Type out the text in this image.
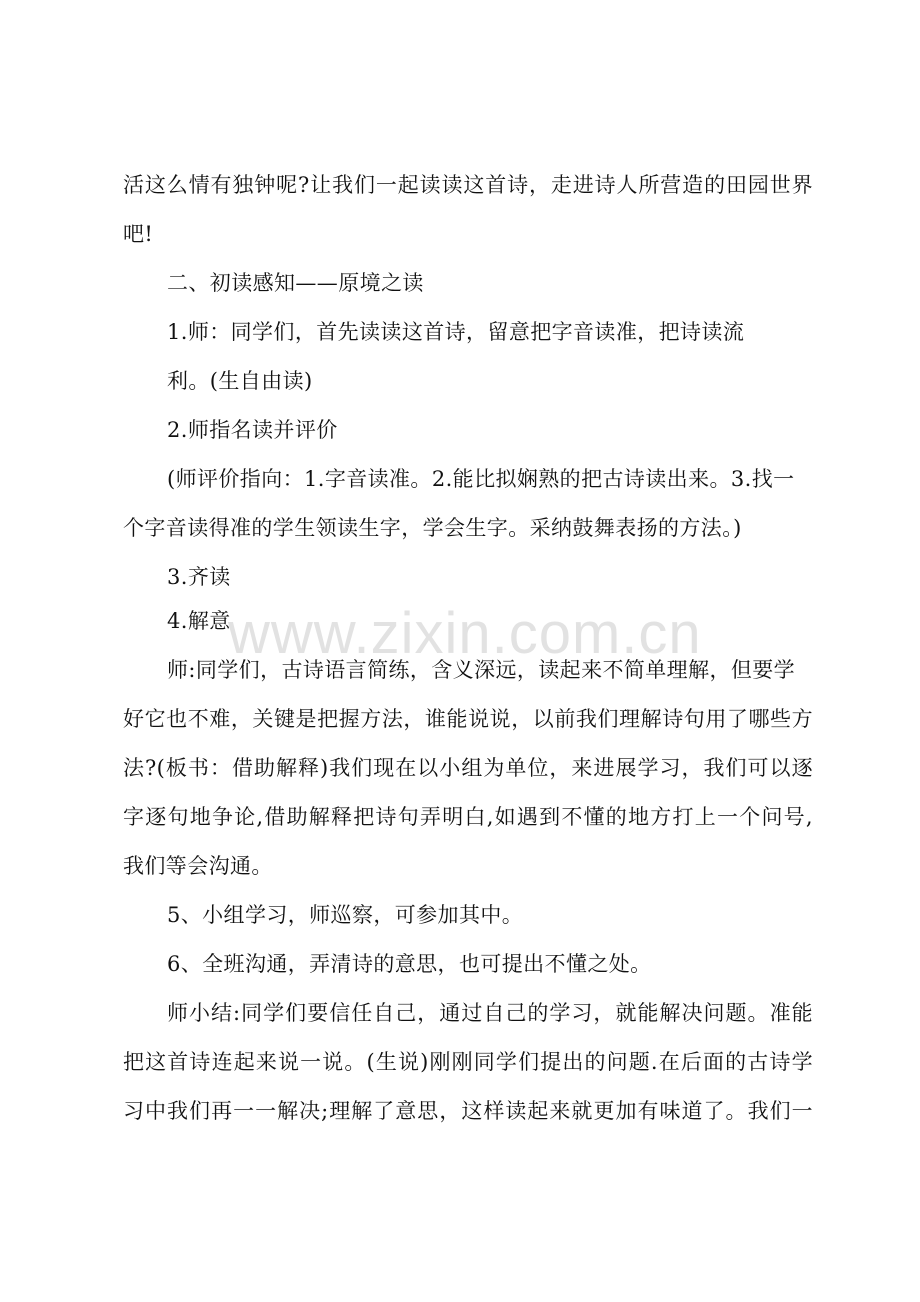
活这么情有独钟呢?让我们一起读读这首诗，走进诗人所营造的田园世界
吧!
二、初读感知——原境之读
1.师：同学们，首先读读这首诗，留意把字音读准，把诗读流
利。(生自由读)
2.师指名读并评价
(师评价指向：1.字音读准。2.能比拟娴熟的把古诗读出来。3.找一
个字音读得准的学生领读生字，学会生字。采纳鼓舞表扬的方法。)
3.齐读
4.解意
师:同学们，古诗语言简练，含义深远，读起来不简单理解，但要学
好它也不难，关键是把握方法，谁能说说，以前我们理解诗句用了哪些方
法?(板书：借助解释)我们现在以小组为单位，来进展学习，我们可以逐
字逐句地争论,借助解释把诗句弄明白,如遇到不懂的地方打上一个问号,
我们等会沟通。
5、小组学习，师巡察，可参加其中。
6、全班沟通，弄清诗的意思，也可提出不懂之处。
师小结:同学们要信任自己，通过自己的学习，就能解决问题。准能
把这首诗连起来说一说。(生说)刚刚同学们提出的问题.在后面的古诗学
习中我们再一一解决;理解了意思，这样读起来就更加有味道了。我们一
www.zixin.com.cn
